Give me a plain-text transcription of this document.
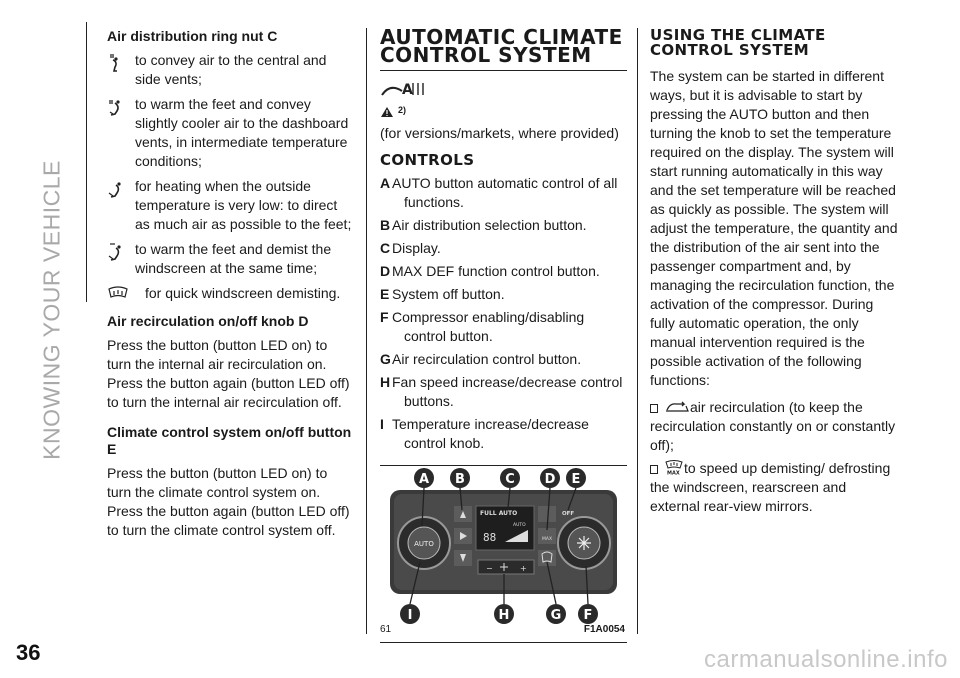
KNOWING YOUR VEHICLE
36	carmanualsonline.info
Air distribution ring nut C
to convey air to the central and side vents;
to warm the feet and convey slightly cooler air to the dashboard vents, in intermediate temperature conditions;
for heating when the outside temperature is very low: to direct as much air as possible to the feet;
to warm the feet and demist the windscreen at the same time;
for quick windscreen demisting.
Air recirculation on/off knob D
Press the button (button LED on) to turn the internal air recirculation on. Press the button again (button LED off) to turn the internal air recirculation off.
Climate control system on/off button E
Press the button (button LED on) to turn the climate control system on. Press the button again (button LED off) to turn the climate control system off.
AUTOMATIC CLIMATE CONTROL SYSTEM
A
2)
(for versions/markets, where provided)
CONTROLS
A AUTO button automatic control of all
functions.
B Air distribution selection button.
C Display.
D MAX DEF function control button.
E System off button.
F Compressor enabling/disabling
control button.
G Air recirculation control button.
H Fan speed increase/decrease control
buttons.
I Temperature increase/decrease
control knob.
AUTO
FULL AUTO
AUTO
88
OFF
MAX
−	+
A B	C D E
I	H	G F
61	F1A0054
USING THE CLIMATE CONTROL SYSTEM
The system can be started in different ways, but it is advisable to start by pressing the AUTO button and then turning the knob to set the temperature required on the display. The system will start running automatically in this way and the set temperature will be reached as quickly as possible. The system will adjust the temperature, the quantity and the distribution of the air sent into the passenger compartment and, by managing the recirculation function, the activation of the compressor. During fully automatic operation, the only manual intervention required is the possible activation of the following functions:
air recirculation (to keep the recirculation constantly on or constantly off);
MAX to speed up demisting/ defrosting the windscreen, rearscreen and external rear-view mirrors.
